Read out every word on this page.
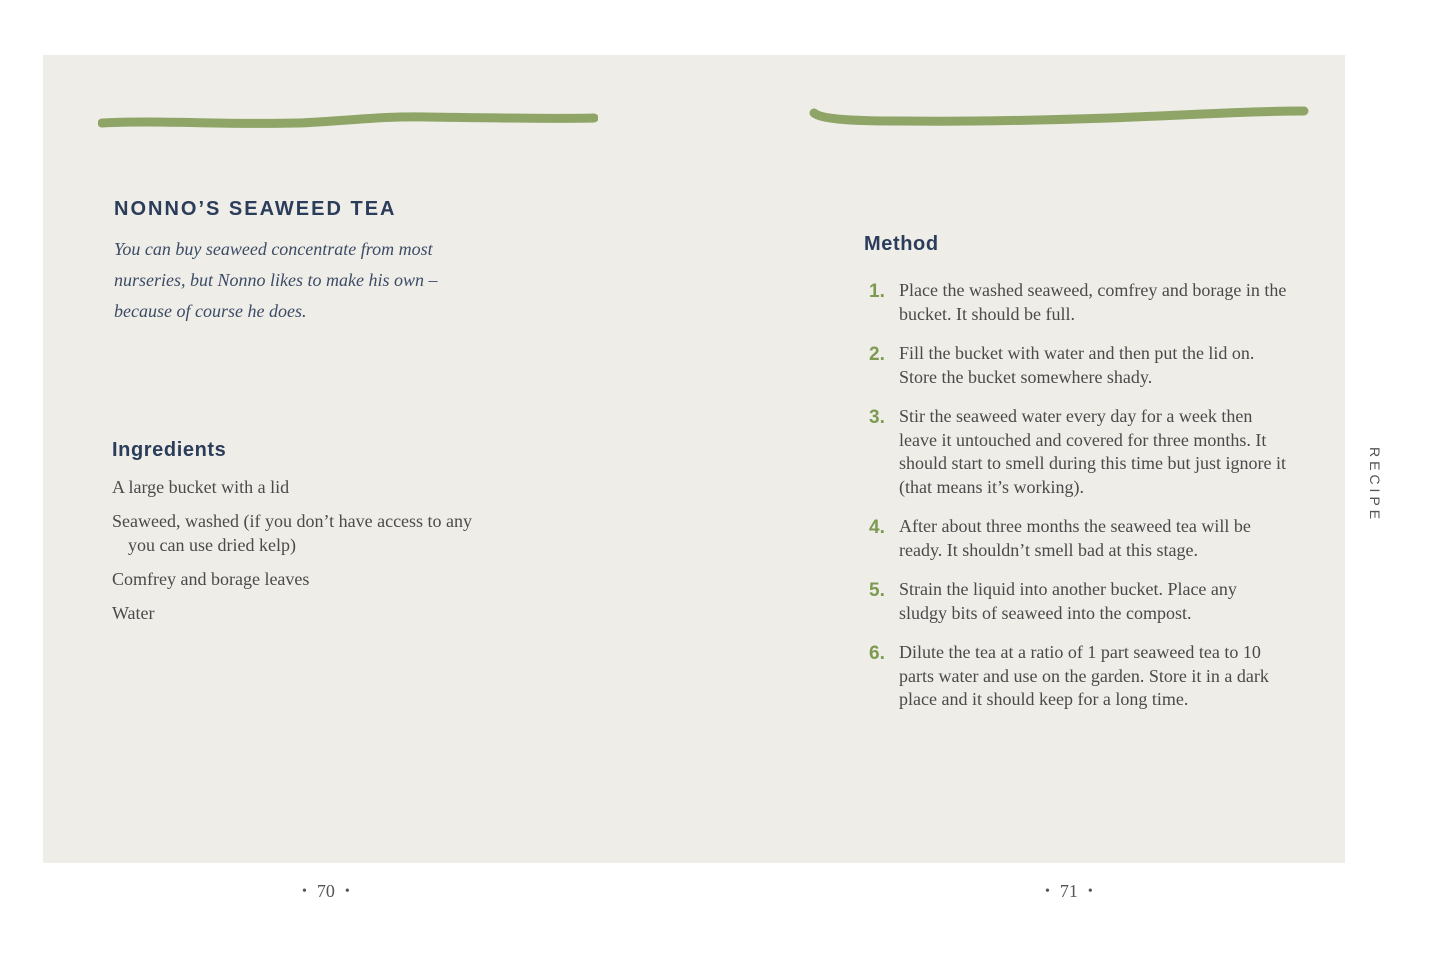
NONNO’S SEAWEED TEA

You can buy seaweed concentrate from most nurseries, but Nonno likes to make his own – because of course he does.

Ingredients
A large bucket with a lid
Seaweed, washed (if you don’t have access to any you can use dried kelp)
Comfrey and borage leaves
Water
Method
1. Place the washed seaweed, comfrey and borage in the bucket. It should be full.
2. Fill the bucket with water and then put the lid on. Store the bucket somewhere shady.
3. Stir the seaweed water every day for a week then leave it untouched and covered for three months. It should start to smell during this time but just ignore it (that means it’s working).
4. After about three months the seaweed tea will be ready. It shouldn’t smell bad at this stage.
5. Strain the liquid into another bucket. Place any sludgy bits of seaweed into the compost.
6. Dilute the tea at a ratio of 1 part seaweed tea to 10 parts water and use on the garden. Store it in a dark place and it should keep for a long time.
RECIPE
• 70 •	• 71 •
